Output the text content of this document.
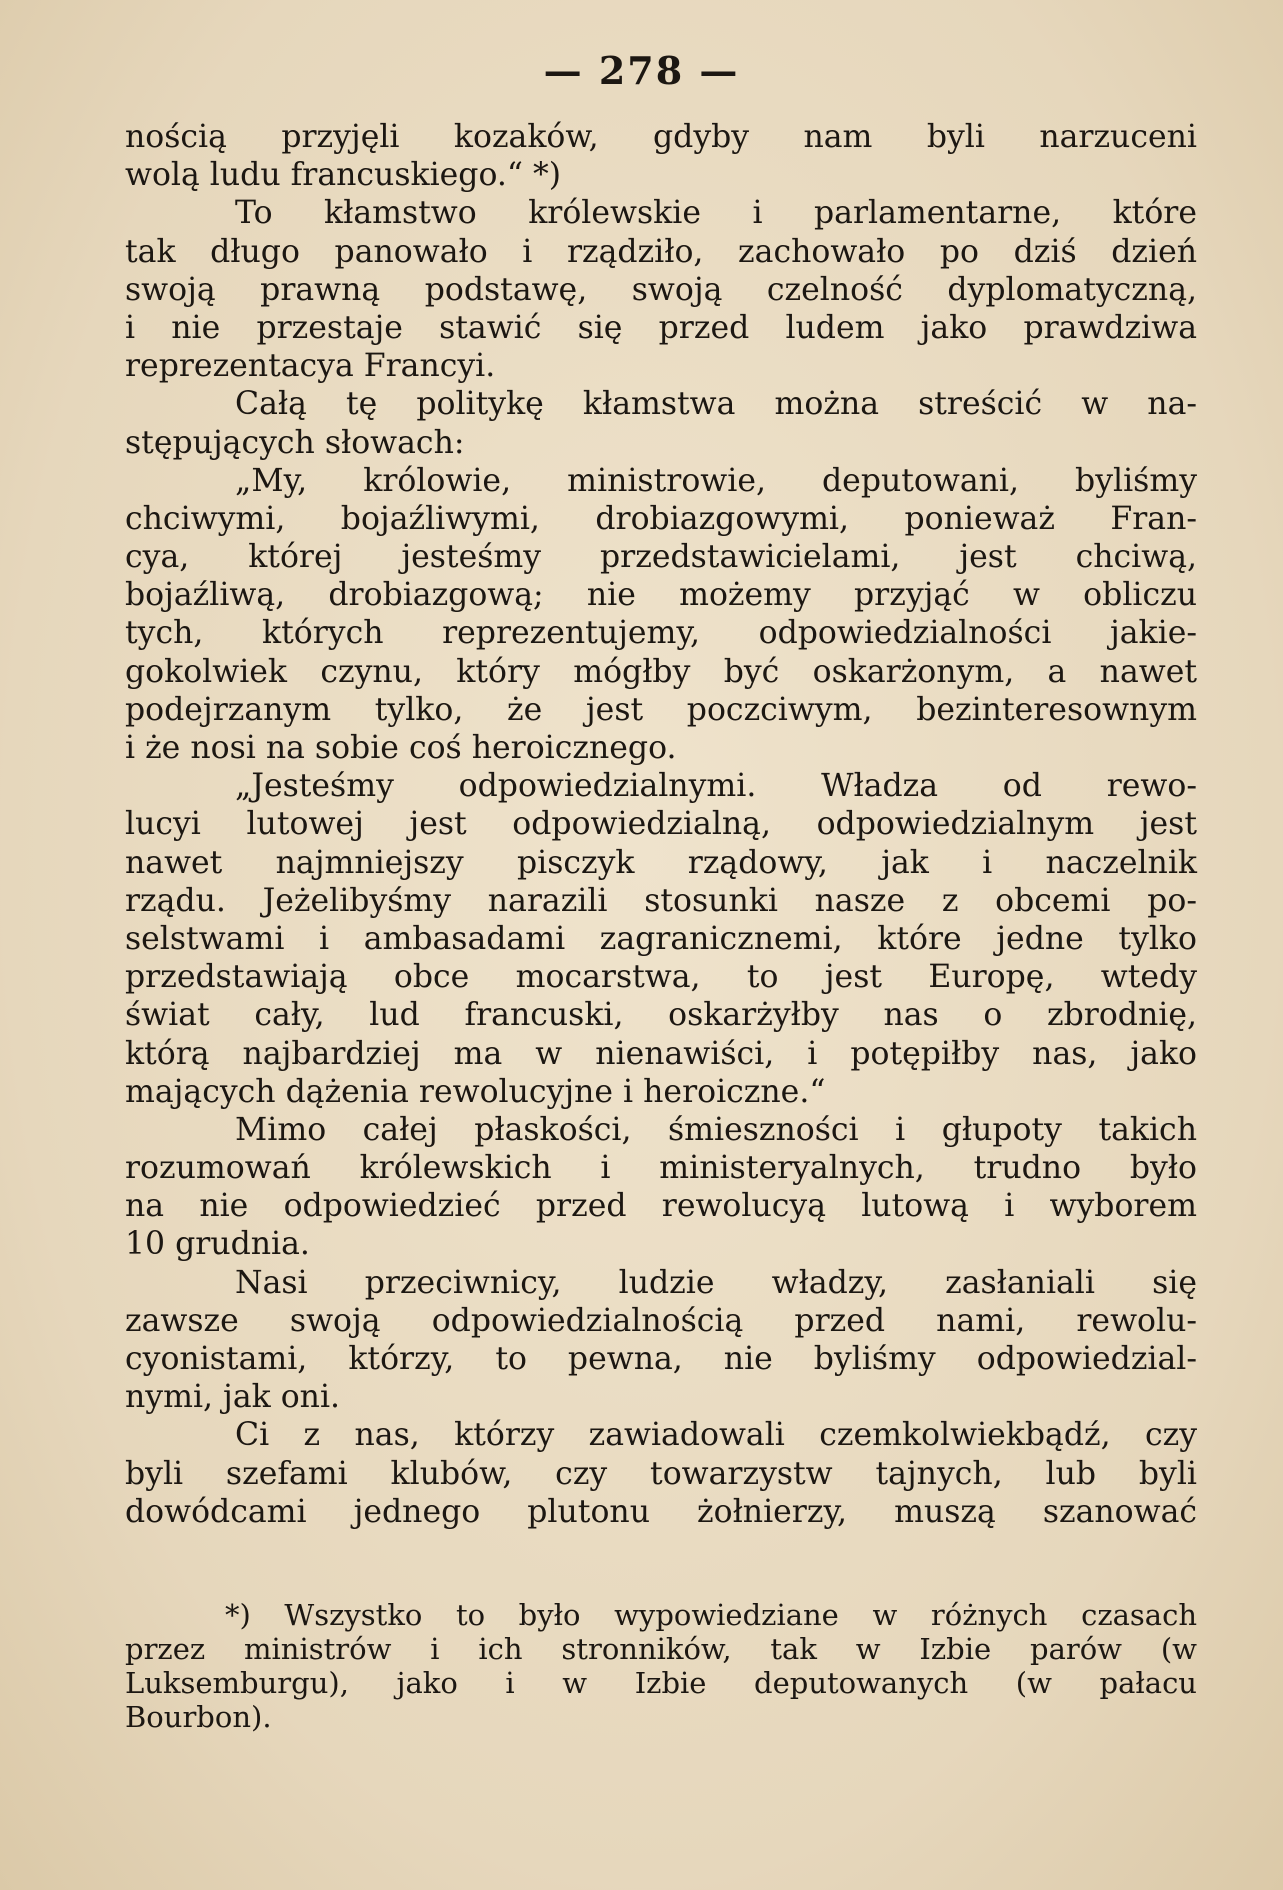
— 278 —
nością przyjęli kozaków, gdyby nam byli narzuceni
wolą ludu francuskiego.“ *)
To kłamstwo królewskie i parlamentarne, które
tak długo panowało i rządziło, zachowało po dziś dzień
swoją prawną podstawę, swoją czelność dyplomatyczną,
i nie przestaje stawić się przed ludem jako prawdziwa
reprezentacya Francyi.
Całą tę politykę kłamstwa można streścić w na-
stępujących słowach:
„My, królowie, ministrowie, deputowani, byliśmy
chciwymi, bojaźliwymi, drobiazgowymi, ponieważ Fran-
cya, której jesteśmy przedstawicielami, jest chciwą,
bojaźliwą, drobiazgową; nie możemy przyjąć w obliczu
tych, których reprezentujemy, odpowiedzialności jakie-
gokolwiek czynu, który mógłby być oskarżonym, a nawet
podejrzanym tylko, że jest poczciwym, bezinteresownym
i że nosi na sobie coś heroicznego.
„Jesteśmy odpowiedzialnymi. Władza od rewo-
lucyi lutowej jest odpowiedzialną, odpowiedzialnym jest
nawet najmniejszy pisczyk rządowy, jak i naczelnik
rządu. Jeżelibyśmy narazili stosunki nasze z obcemi po-
selstwami i ambasadami zagranicznemi, które jedne tylko
przedstawiają obce mocarstwa, to jest Europę, wtedy
świat cały, lud francuski, oskarżyłby nas o zbrodnię,
którą najbardziej ma w nienawiści, i potępiłby nas, jako
mających dążenia rewolucyjne i heroiczne.“
Mimo całej płaskości, śmieszności i głupoty takich
rozumowań królewskich i ministeryalnych, trudno było
na nie odpowiedzieć przed rewolucyą lutową i wyborem
10 grudnia.
Nasi przeciwnicy, ludzie władzy, zasłaniali się
zawsze swoją odpowiedzialnością przed nami, rewolu-
cyonistami, którzy, to pewna, nie byliśmy odpowiedzial-
nymi, jak oni.
Ci z nas, którzy zawiadowali czemkolwiekbądź, czy
byli szefami klubów, czy towarzystw tajnych, lub byli
dowódcami jednego plutonu żołnierzy, muszą szanować
*) Wszystko to było wypowiedziane w różnych czasach
przez ministrów i ich stronników, tak w Izbie parów (w
Luksemburgu), jako i w Izbie deputowanych (w pałacu
Bourbon).
